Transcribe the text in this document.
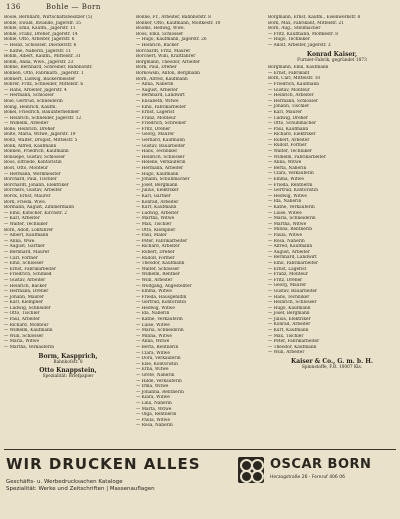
136	Bohle — Born
Boole, Bernhard, Wirtschaftsbesitzer (5)
Bohle, Ewald, Invalide, Jägerstr. 35
Bohle, Emil, Kaufm., Jägerstr. 11
Bohle, Franz, Dreher, Jägerstr. 14
Bohle, Otto, Arbeiter, Jägerstr. 6
— Heinz, Schlosser, Dieckerstr. 6
— Käthe, Näherin, Jägerstr. 11
Bohm, Albert, Kaufm., Mittelstr. 31
Böhm, Anna, Wwe., Jägerstr. 23
Bohne, Bernhard, Schreiner, Bahnhofstr.
Bohnen, Otto, Fabrikarb., Jägerstr. 1
Bohnert, Ludwig, Bäckermeister
Bohrer, Fritz, Schneider, Mittelstr. 6
— Hans, Arbeiter, Jägerstr. 4
— Hermann, Schlosser
Boie, Gertrud, Schneiderin
Boing, Heinrich, Kaufm.
Bokel, Friedrich, Bauunternehmer
— Heinrich, Schneider, Jägerstr. 12
— Wilhelm, Arbeiter
Bolle, Heinrich, Dreher
Bolte, Maria, Witwe, Jägerstr. 19
Boltz, Walter, Drogist, Mittelstr. 5
Bonk, Alfred, Kaufmann
Bonnen, Friedrich, Kaufmann
Bonsiepe, Gustav, Schlosser
Boos, Elfriede, Kontoristin
Boot, Otto, Monteur
— Hermann, Werkmeister
Borchard, Paul, Tischler
Borchardt, Johann, Elektriker
Borchers, Gustav, Arbeiter
Borck, Ernst, Maurer
Bork, Frieda, Wwe.
Bormann, August, Zimmermann
— Emil, Kutscher, Kirchstr. 2
— Karl, Arbeiter
— Walter, Techniker
Born, Adolf, Lokführer
— Albert, Kaufmann
— Anna, Wwe.
— August, Gärtner
— Bernhard, Maurer
— Carl, Former
— Emil, Schlosser
— Ernst, Fabrikarbeiter
— Friedrich, Schmied
— Gustav, Arbeiter
— Heinrich, Bäcker
— Hermann, Dreher
— Johann, Maurer
— Karl, Klempner
— Ludwig, Schneider
— Otto, Tischler
— Paul, Arbeiter
— Richard, Monteur
— Wilhelm, Kaufmann
— Willi, Schlosser
— Maria, Witwe
— Martha, Verkäuferin
Borm, Kaspprich,
Bahnhofstr. 8
Otto Knappstein,
Spezialität: Briefpapier
Bonne, Fr., Arbeiter, Bahnhofstr. 8
Bonner, Otto, Kaufmann, Moltkestr. 10
Booms, Hedwig, Wwe.
Boos, Emil, Schlosser
— Hugo, Kaufmann, Jägerstr. 26
— Heinrich, Bäcker
Borchardt, Fritz, Maurer
Borchert, Willi, Kraftfahrer
Borgmann, Theodor, Arbeiter
Bork, Paul, Dreher
Borkowski, Anton, Bergmann
Born, Alfred, Kaufmann
— Anna, Näherin
— August, Arbeiter
— Bernhard, Landwirt
— Elisabeth, Witwe
— Emil, Fabrikarbeiter
— Ernst, Lagerist
— Franz, Monteur
— Friedrich, Schreiner
— Fritz, Dreher
— Georg, Maurer
— Gerhard, Kaufmann
— Gustav, Bauarbeiter
— Hans, Techniker
— Heinrich, Schlosser
— Helene, Verkäuferin
— Hermann, Arbeiter
— Hugo, Kaufmann
— Johann, Schuhmacher
— Josef, Bergmann
— Julius, Elektriker
— Karl, Gärtner
— Konrad, Arbeiter
— Kurt, Kaufmann
— Ludwig, Arbeiter
— Martha, Witwe
— Max, Tischler
— Otto, Klempner
— Paul, Maler
— Peter, Fabrikarbeiter
— Richard, Arbeiter
— Robert, Dreher
— Rudolf, Former
— Theodor, Kaufmann
— Walter, Schlosser
— Wilhelm, Rentner
— Willi, Arbeiter
— Wolfgang, Angestellter
— Emma, Witwe
— Frieda, Hausgehilfin
— Gertrud, Kontoristin
— Hedwig, Witwe
— Ida, Näherin
— Käthe, Verkäuferin
— Luise, Witwe
— Maria, Schneiderin
— Minna, Witwe
— Anna, Witwe
— Berta, Rentnerin
— Clara, Witwe
— Dora, Verkäuferin
— Else, Kontoristin
— Erna, Witwe
— Grete, Näherin
— Hilde, Verkäuferin
— Irma, Witwe
— Johanna, Rentnerin
— Klara, Witwe
— Lina, Näherin
— Marta, Witwe
— Olga, Rentnerin
— Paula, Witwe
— Rosa, Näherin
Borgmann, Ernst, Kaufm., Eisenwerkstr. 8
Bork, Max, Fabrikant, Mittelstr. 21
Born, Aug., Stellmacher
— Fritz, Kaufmann, Moltkestr. 8
— Hugo, Techniker
— Adolf, Arbeiter, Jägerstr. 3
Konrad Kaiser,
Furnier-Fabrik, gegründet 1873
Borgmann, Emil, Kaufmann
— Ernst, Fabrikant
Born, Carl, Mittelstr. 10
— Friedrich, Kaufmann
— Gustav, Monteur
— Heinrich, Arbeiter
— Hermann, Schlosser
— Johann, Tischler
— Karl, Maurer
— Ludwig, Dreher
— Otto, Schuhmacher
— Paul, Kaufmann
— Richard, Elektriker
— Robert, Arbeiter
— Rudolf, Former
— Walter, Techniker
— Wilhelm, Fabrikarbeiter
— Anna, Witwe
— Berta, Näherin
— Clara, Verkäuferin
— Emma, Witwe
— Frieda, Rentnerin
— Gertrud, Kontoristin
— Hedwig, Witwe
— Ida, Näherin
— Käthe, Verkäuferin
— Luise, Witwe
— Maria, Schneiderin
— Martha, Witwe
— Minna, Rentnerin
— Paula, Witwe
— Rosa, Näherin
— Alfred, Kaufmann
— August, Arbeiter
— Bernhard, Landwirt
— Emil, Fabrikarbeiter
— Ernst, Lagerist
— Franz, Monteur
— Fritz, Dreher
— Georg, Maurer
— Gustav, Bauarbeiter
— Hans, Techniker
— Heinrich, Schlosser
— Hugo, Kaufmann
— Josef, Bergmann
— Julius, Elektriker
— Konrad, Arbeiter
— Kurt, Kaufmann
— Max, Tischler
— Peter, Fabrikarbeiter
— Theodor, Kaufmann
— Willi, Arbeiter
Kaiser & Co., G. m. b. H.
Spinnstoffe, F.R. 10007 Kls.
WIR DRUCKEN ALLES
Geschäfts- u. Werbedrucksachen Kataloge
Spezialität: Werke und Zeitschriften | Massenauflagen
OSCAR BORN
Herzogstraße 26 · Fernruf 406 06
